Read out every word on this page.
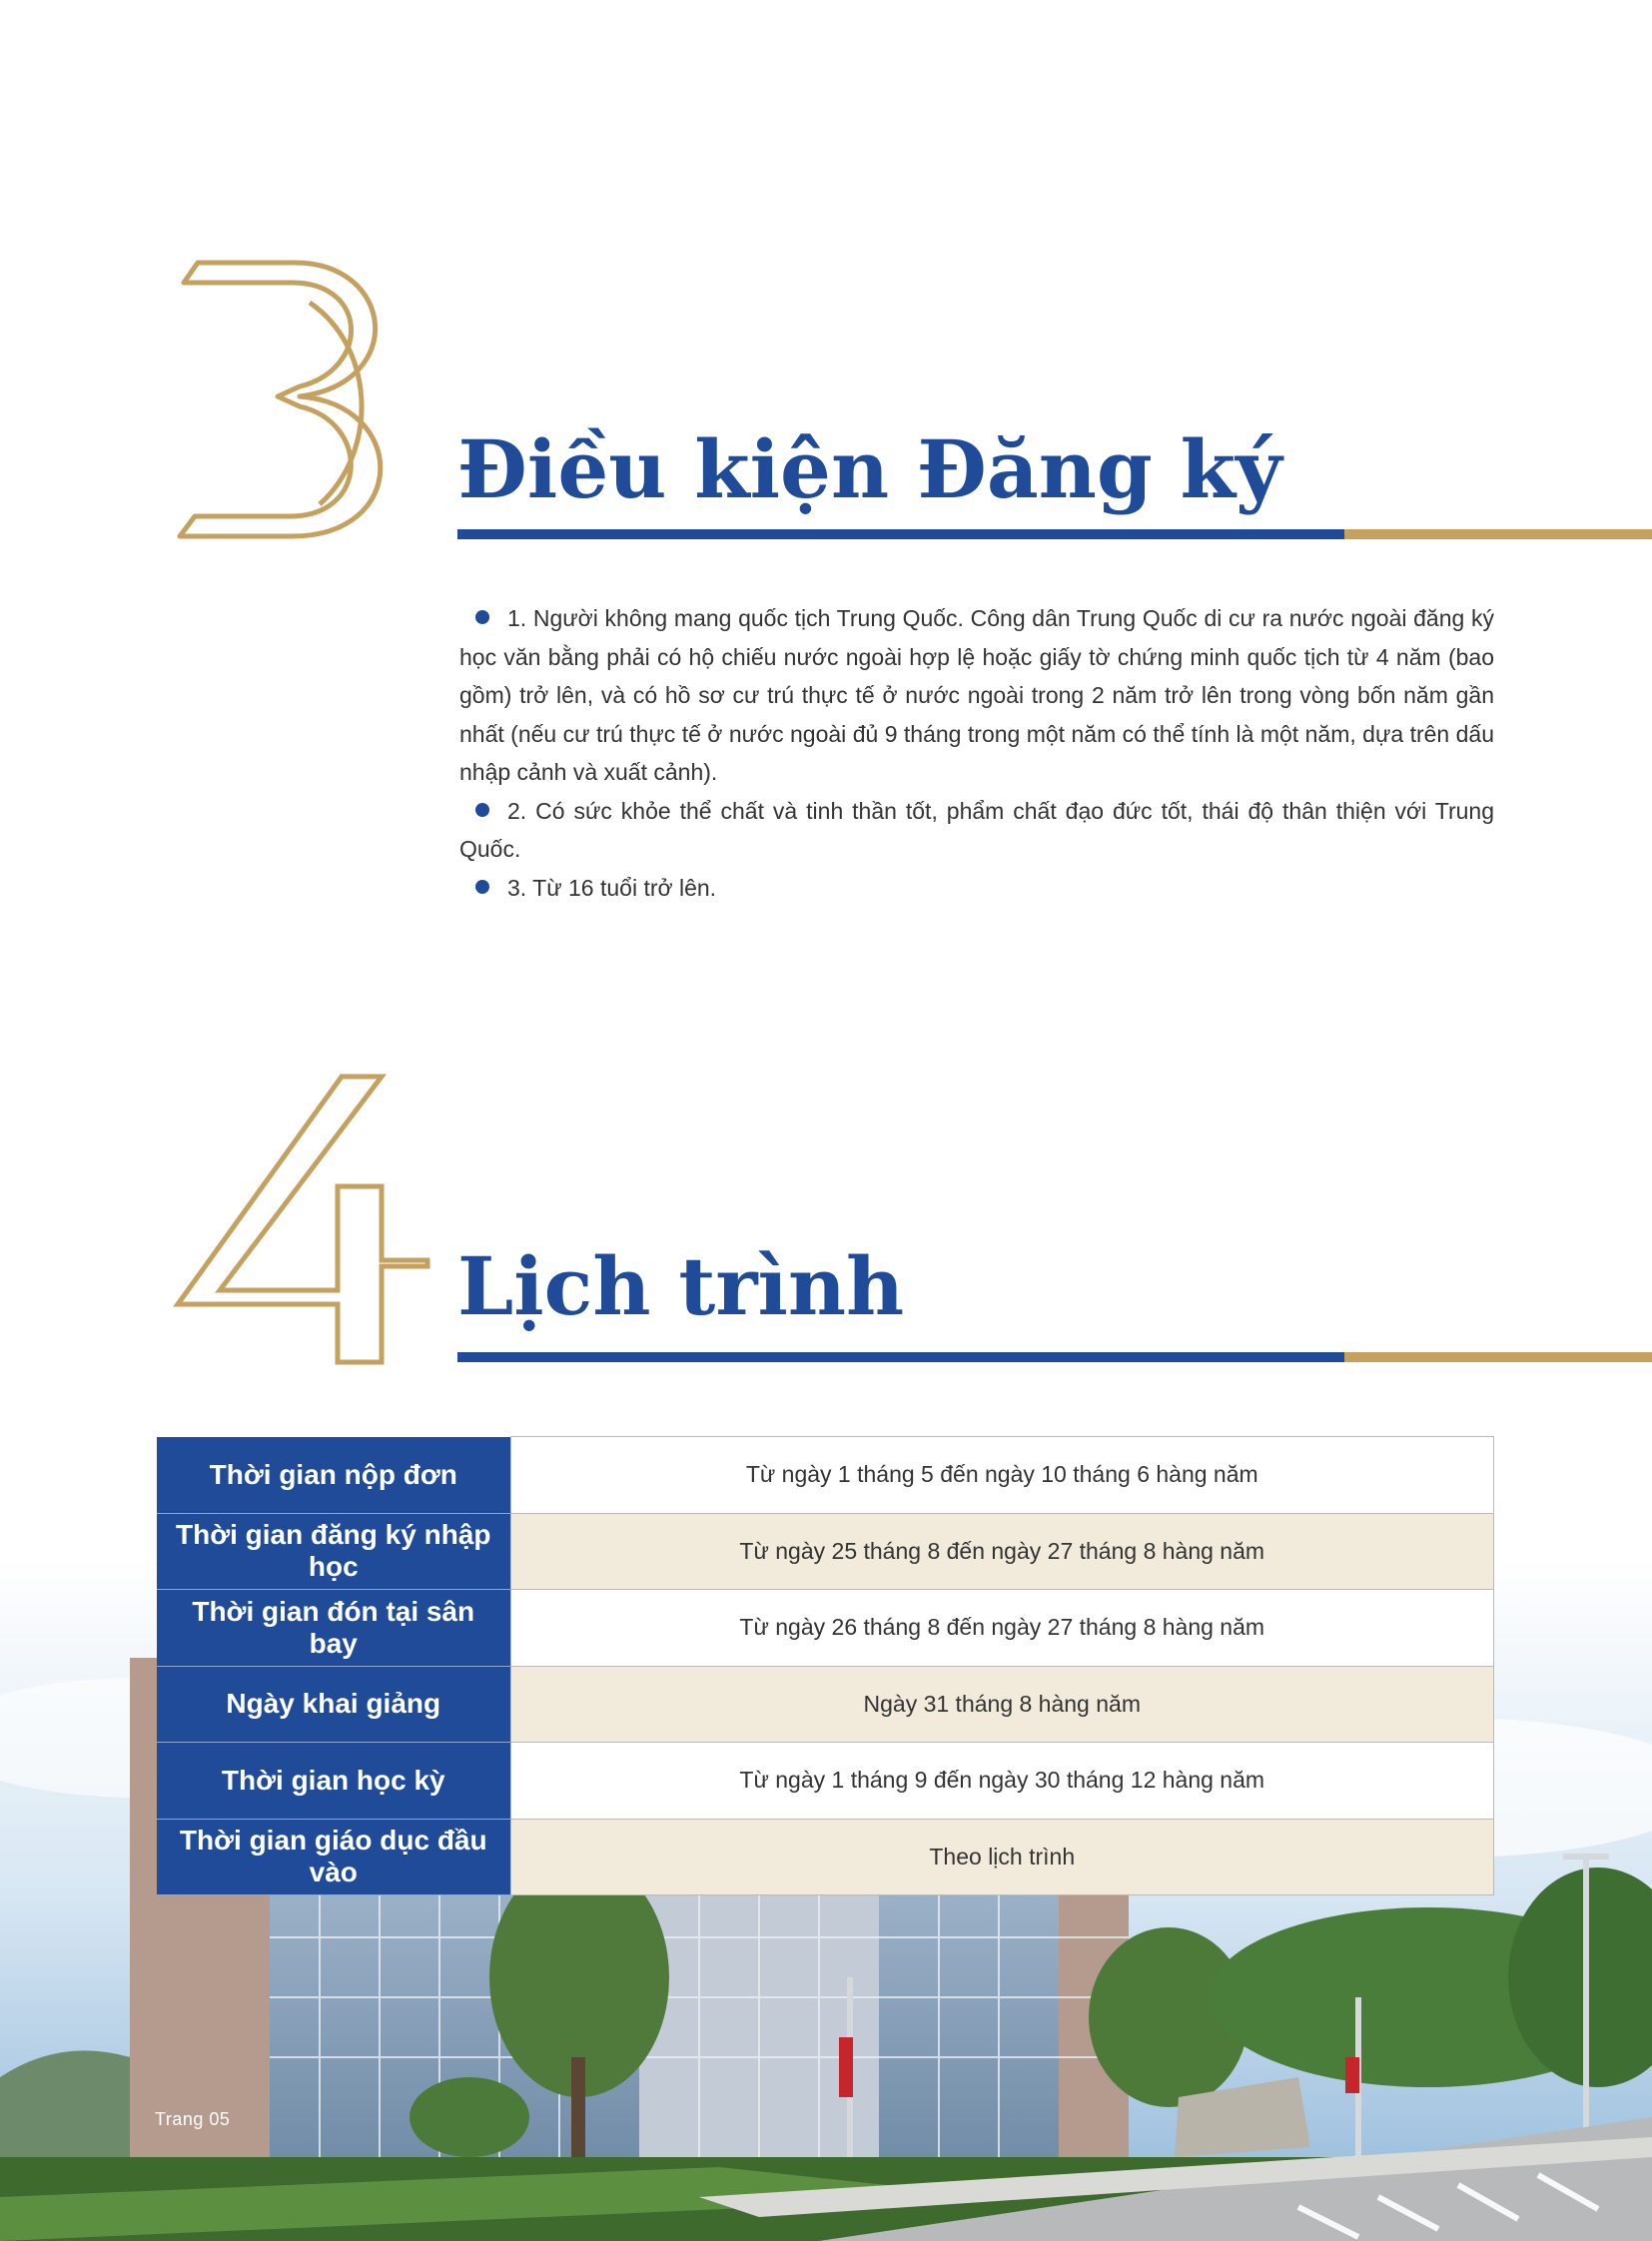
Điều kiện Đăng ký
1. Người không mang quốc tịch Trung Quốc. Công dân Trung Quốc di cư ra nước ngoài đăng ký học văn bằng phải có hộ chiếu nước ngoài hợp lệ hoặc giấy tờ chứng minh quốc tịch từ 4 năm (bao gồm) trở lên, và có hồ sơ cư trú thực tế ở nước ngoài trong 2 năm trở lên trong vòng bốn năm gần nhất (nếu cư trú thực tế ở nước ngoài đủ 9 tháng trong một năm có thể tính là một năm, dựa trên dấu nhập cảnh và xuất cảnh).
2. Có sức khỏe thể chất và tinh thần tốt, phẩm chất đạo đức tốt, thái độ thân thiện với Trung Quốc.
3. Từ 16 tuổi trở lên.
Lịch trình
Thời gian nộp đơn	Từ ngày 1 tháng 5 đến ngày 10 tháng 6 hàng năm
Thời gian đăng ký nhập học	Từ ngày 25 tháng 8 đến ngày 27 tháng 8 hàng năm
Thời gian đón tại sân bay	Từ ngày 26 tháng 8 đến ngày 27 tháng 8 hàng năm
Ngày khai giảng	Ngày 31 tháng 8 hàng năm
Thời gian học kỳ	Từ ngày 1 tháng 9 đến ngày 30 tháng 12 hàng năm
Thời gian giáo dục đầu vào	Theo lịch trình
Trang 05
